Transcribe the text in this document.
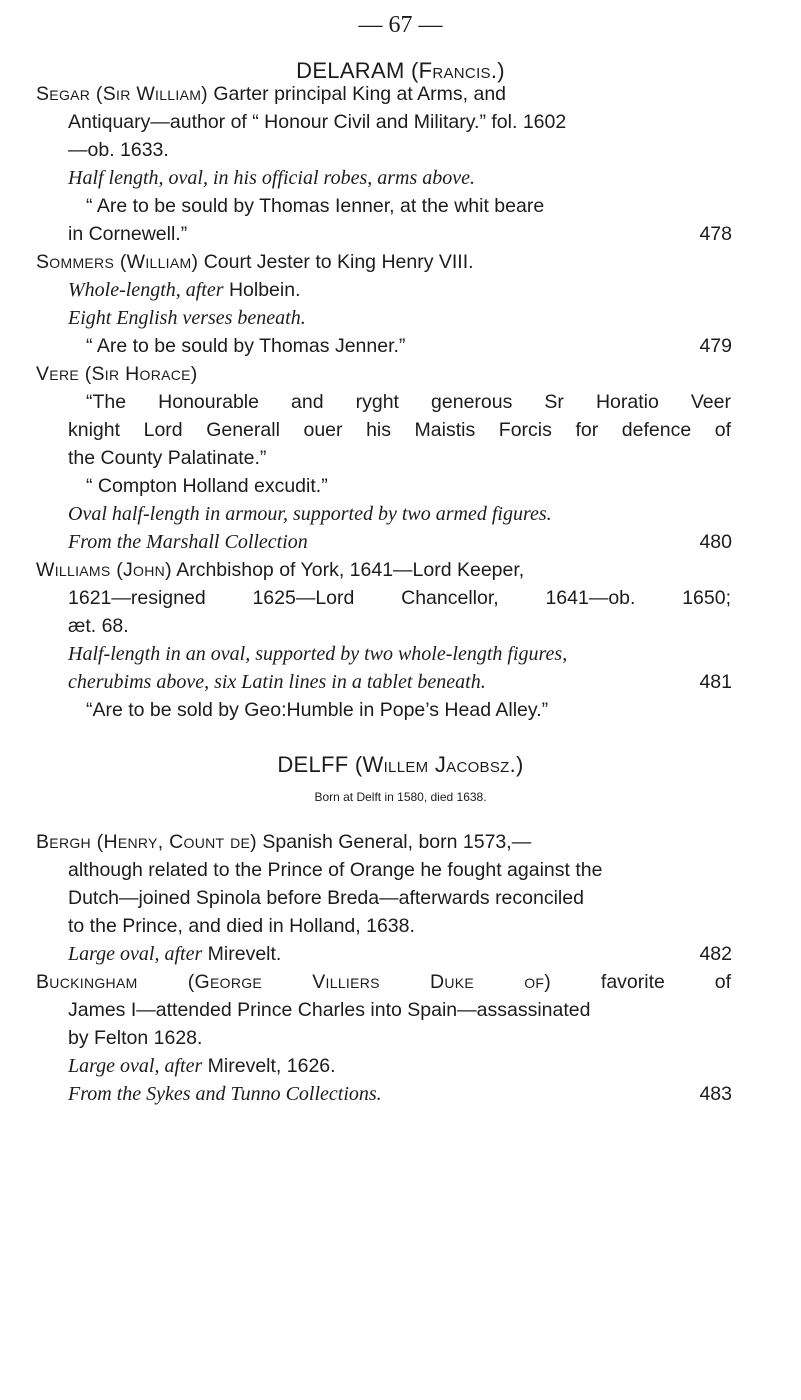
— 67 —
DELARAM (Francis.)
Segar (Sir William) Garter principal King at Arms, and
Antiquary—author of “ Honour Civil and Military.” fol. 1602
—ob. 1633.
Half length, oval, in his official robes, arms above.
“ Are to be sould by Thomas Ienner, at the whit beare
in Cornewell.”	478
Sommers (William) Court Jester to King Henry VIII.
Whole-length, after Holbein.
Eight English verses beneath.
“ Are to be sould by Thomas Jenner.”	479
Vere (Sir Horace)
“The Honourable and ryght generous Sr Horatio Veer
knight Lord Generall ouer his Maistis Forcis for defence of
the County Palatinate.”
“ Compton Holland excudit.”
Oval half-length in armour, supported by two armed figures.
From the Marshall Collection	480
Williams (John) Archbishop of York, 1641—Lord Keeper,
1621—resigned 1625—Lord Chancellor, 1641—ob. 1650;
æt. 68.
Half-length in an oval, supported by two whole-length figures,
cherubims above, six Latin lines in a tablet beneath.	481
“Are to be sold by Geo:Humble in Pope’s Head Alley.”
DELFF (Willem Jacobsz.)
Born at Delft in 1580, died 1638.
Bergh (Henry, Count de) Spanish General, born 1573,—
although related to the Prince of Orange he fought against the
Dutch—joined Spinola before Breda—afterwards reconciled
to the Prince, and died in Holland, 1638.
Large oval, after Mirevelt.	482
Buckingham (George Villiers Duke of) favorite of
James I—attended Prince Charles into Spain—assassinated
by Felton 1628.
Large oval, after Mirevelt, 1626.
From the Sykes and Tunno Collections.	483
